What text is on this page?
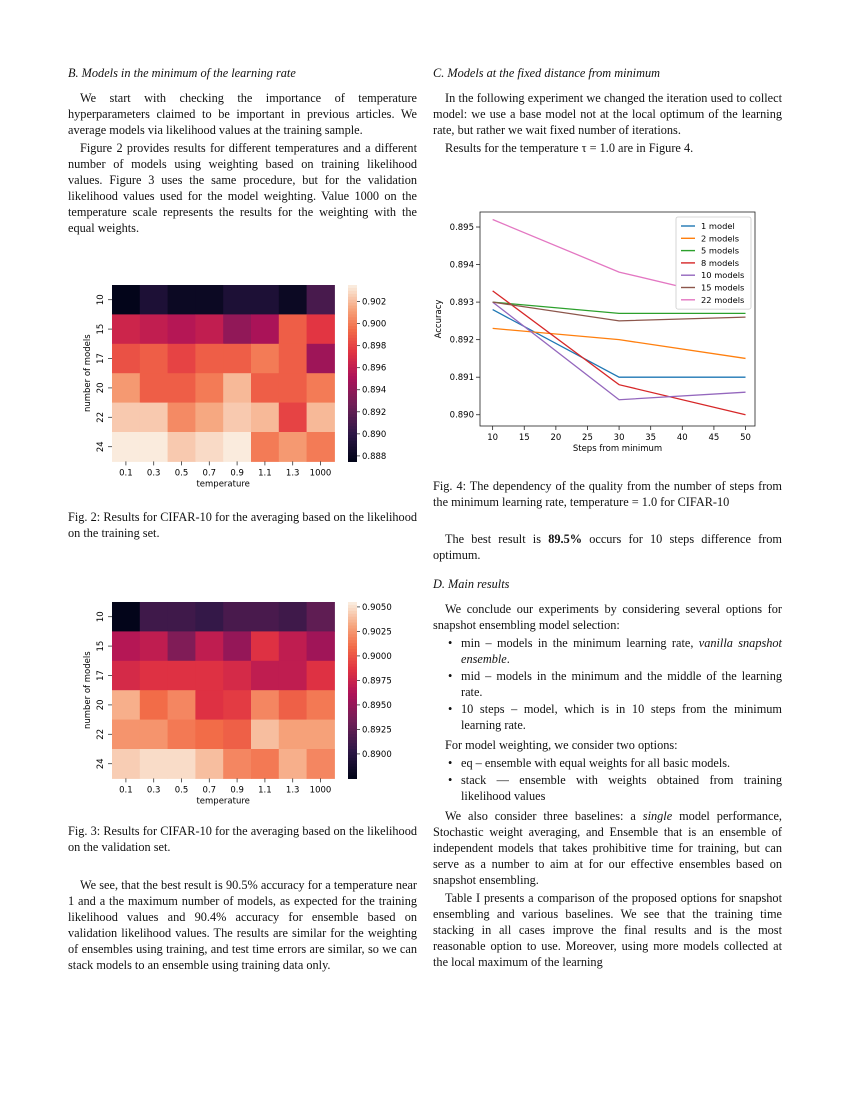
B. Models in the minimum of the learning rate

We start with checking the importance of temperature hyperparameters claimed to be important in previous articles. We average models via likelihood values at the training sample.

Figure 2 provides results for different temperatures and a different number of models using weighting based on training likelihood values. Figure 3 uses the same procedure, but for the validation likelihood values used for the model weighting. Value 1000 on the temperature scale represents the results for the weighting with the equal weights.

10
15
17
20
22
24
0.1 0.3 0.5 0.7 0.9 1.1 1.3 1000
temperature
number of models
0.902
0.900
0.898
0.896
0.894
0.892
0.890
0.888

Fig. 2: Results for CIFAR-10 for the averaging based on the likelihood on the training set.

10
15
17
20
22
24
0.1 0.3 0.5 0.7 0.9 1.1 1.3 1000
temperature
number of models
0.9050
0.9025
0.9000
0.8975
0.8950
0.8925
0.8900

Fig. 3: Results for CIFAR-10 for the averaging based on the likelihood on the validation set.

We see, that the best result is 90.5% accuracy for a temperature near 1 and a the maximum number of models, as expected for the training likelihood values and 90.4% accuracy for ensemble based on validation likelihood values. The results are similar for the weighting of ensembles using training, and test time errors are similar, so we can stack models to an ensemble using training data only.

C. Models at the fixed distance from minimum

In the following experiment we changed the iteration used to collect model: we use a base model not at the local optimum of the learning rate, but rather we wait fixed number of iterations.

Results for the temperature τ = 1.0 are in Figure 4.

10 15 20 25 30 35 40 45 50
0.890
0.891
0.892
0.893
0.894
0.895
Steps from minimum
Accuracy
1 model
2 models
5 models
8 models
10 models
15 models
22 models

Fig. 4: The dependency of the quality from the number of steps from the minimum learning rate, temperature = 1.0 for CIFAR-10

The best result is 89.5% occurs for 10 steps difference from optimum.

D. Main results

We conclude our experiments by considering several options for snapshot ensembling model selection:

• min – models in the minimum learning rate, vanilla snapshot ensemble.
• mid – models in the minimum and the middle of the learning rate.
• 10 steps – model, which is in 10 steps from the minimum learning rate.

For model weighting, we consider two options:

• eq – ensemble with equal weights for all basic models.
• stack — ensemble with weights obtained from training likelihood values

We also consider three baselines: a single model performance, Stochastic weight averaging, and Ensemble that is an ensemble of independent models that takes prohibitive time for training, but can serve as a number to aim at for our effective ensembles based on snapshot ensembling.

Table I presents a comparison of the proposed options for snapshot ensembling and various baselines. We see that the training time stacking in all cases improve the final results and is the most reasonable option to use. Moreover, using more models collected at the local maximum of the learning
